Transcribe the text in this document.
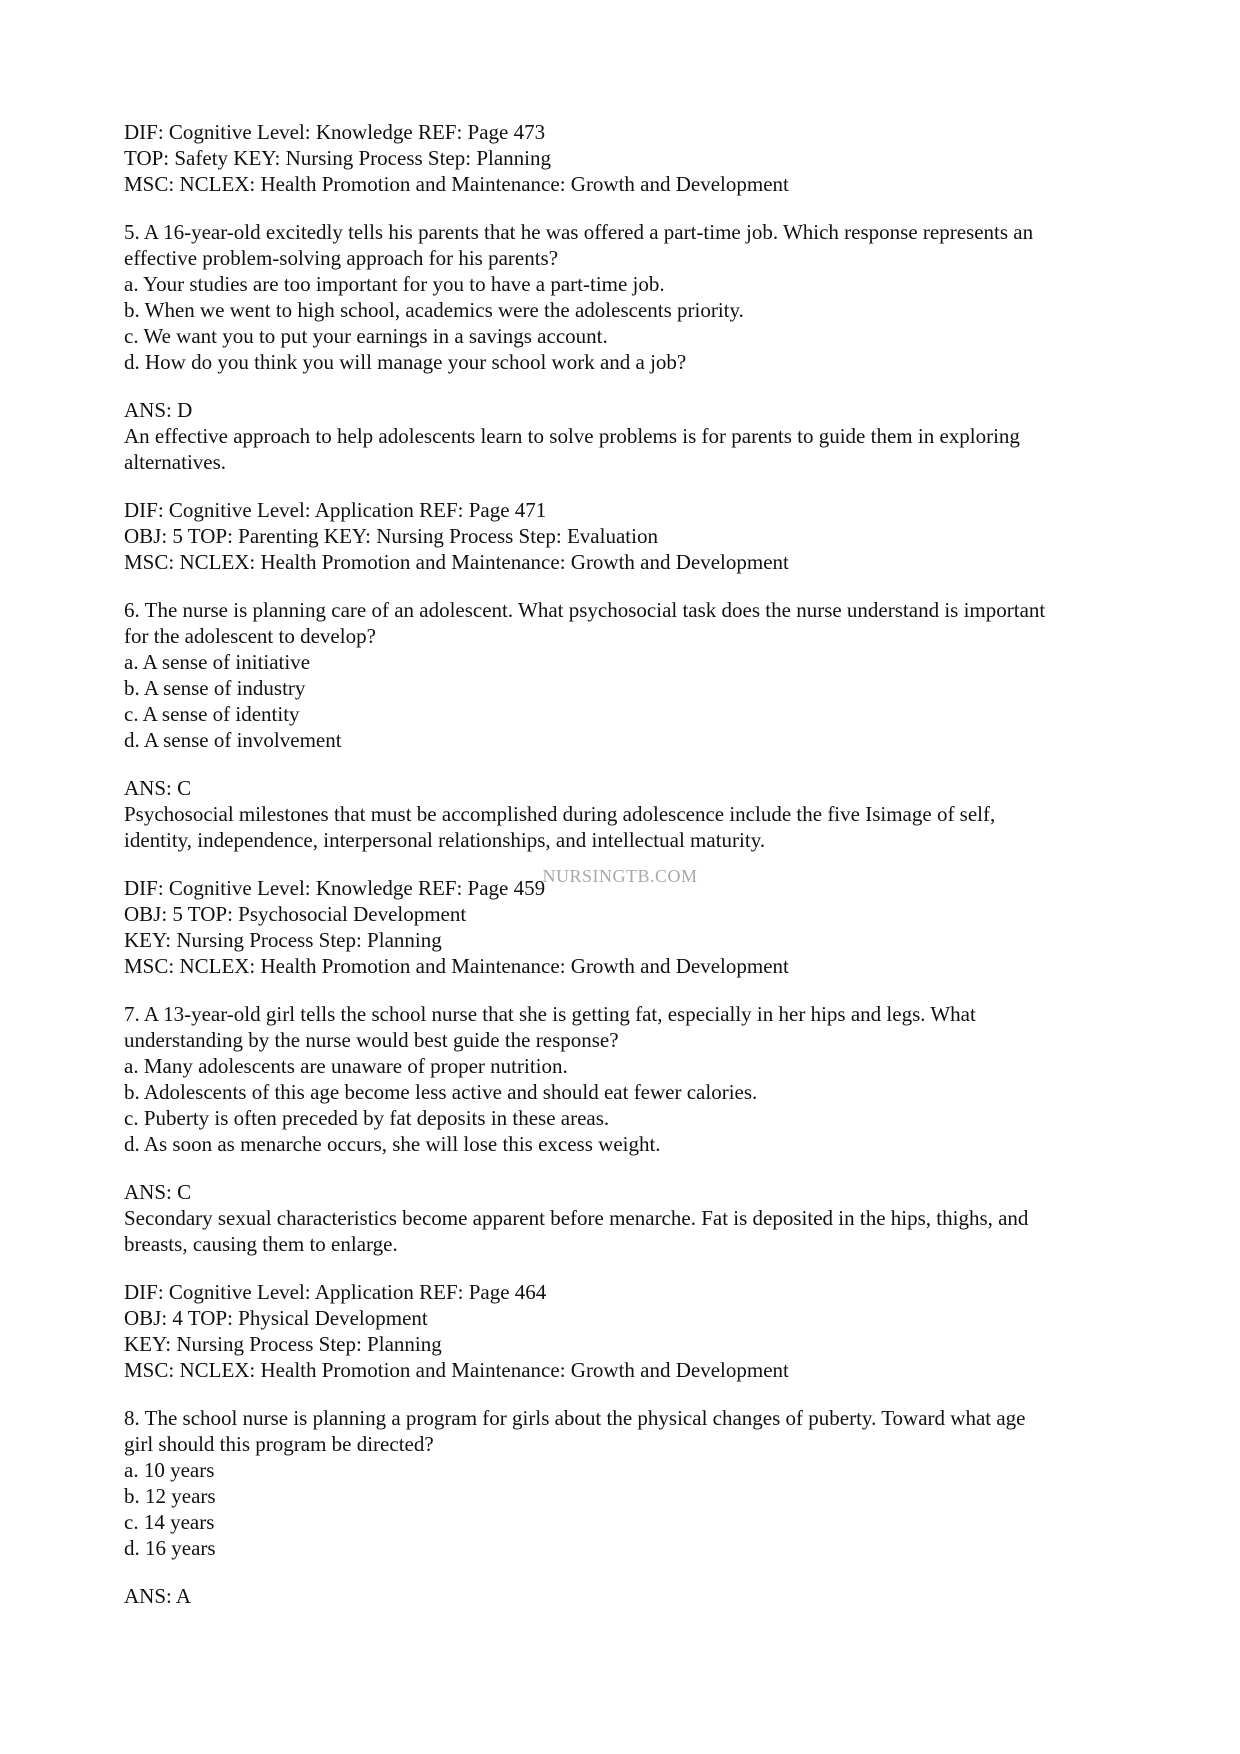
DIF: Cognitive Level: Knowledge REF: Page 473

TOP: Safety KEY: Nursing Process Step: Planning

MSC: NCLEX: Health Promotion and Maintenance: Growth and Development

5. A 16-year-old excitedly tells his parents that he was offered a part-time job. Which response represents an

effective problem-solving approach for his parents?

a. Your studies are too important for you to have a part-time job.

b. When we went to high school, academics were the adolescents priority.

c. We want you to put your earnings in a savings account.

d. How do you think you will manage your school work and a job?

ANS: D

An effective approach to help adolescents learn to solve problems is for parents to guide them in exploring

alternatives.

DIF: Cognitive Level: Application REF: Page 471

OBJ: 5 TOP: Parenting KEY: Nursing Process Step: Evaluation

MSC: NCLEX: Health Promotion and Maintenance: Growth and Development

6. The nurse is planning care of an adolescent. What psychosocial task does the nurse understand is important

for the adolescent to develop?

a. A sense of initiative

b. A sense of industry

c. A sense of identity

d. A sense of involvement

ANS: C

Psychosocial milestones that must be accomplished during adolescence include the five Isimage of self,

identity, independence, interpersonal relationships, and intellectual maturity.

DIF: Cognitive Level: Knowledge REF: Page 459

OBJ: 5 TOP: Psychosocial Development

KEY: Nursing Process Step: Planning

MSC: NCLEX: Health Promotion and Maintenance: Growth and Development

7. A 13-year-old girl tells the school nurse that she is getting fat, especially in her hips and legs. What

understanding by the nurse would best guide the response?

a. Many adolescents are unaware of proper nutrition.

b. Adolescents of this age become less active and should eat fewer calories.

c. Puberty is often preceded by fat deposits in these areas.

d. As soon as menarche occurs, she will lose this excess weight.

ANS: C

Secondary sexual characteristics become apparent before menarche. Fat is deposited in the hips, thighs, and

breasts, causing them to enlarge.

DIF: Cognitive Level: Application REF: Page 464

OBJ: 4 TOP: Physical Development

KEY: Nursing Process Step: Planning

MSC: NCLEX: Health Promotion and Maintenance: Growth and Development

8. The school nurse is planning a program for girls about the physical changes of puberty. Toward what age

girl should this program be directed?

a. 10 years

b. 12 years

c. 14 years

d. 16 years

ANS: A

NURSINGTB.COM
